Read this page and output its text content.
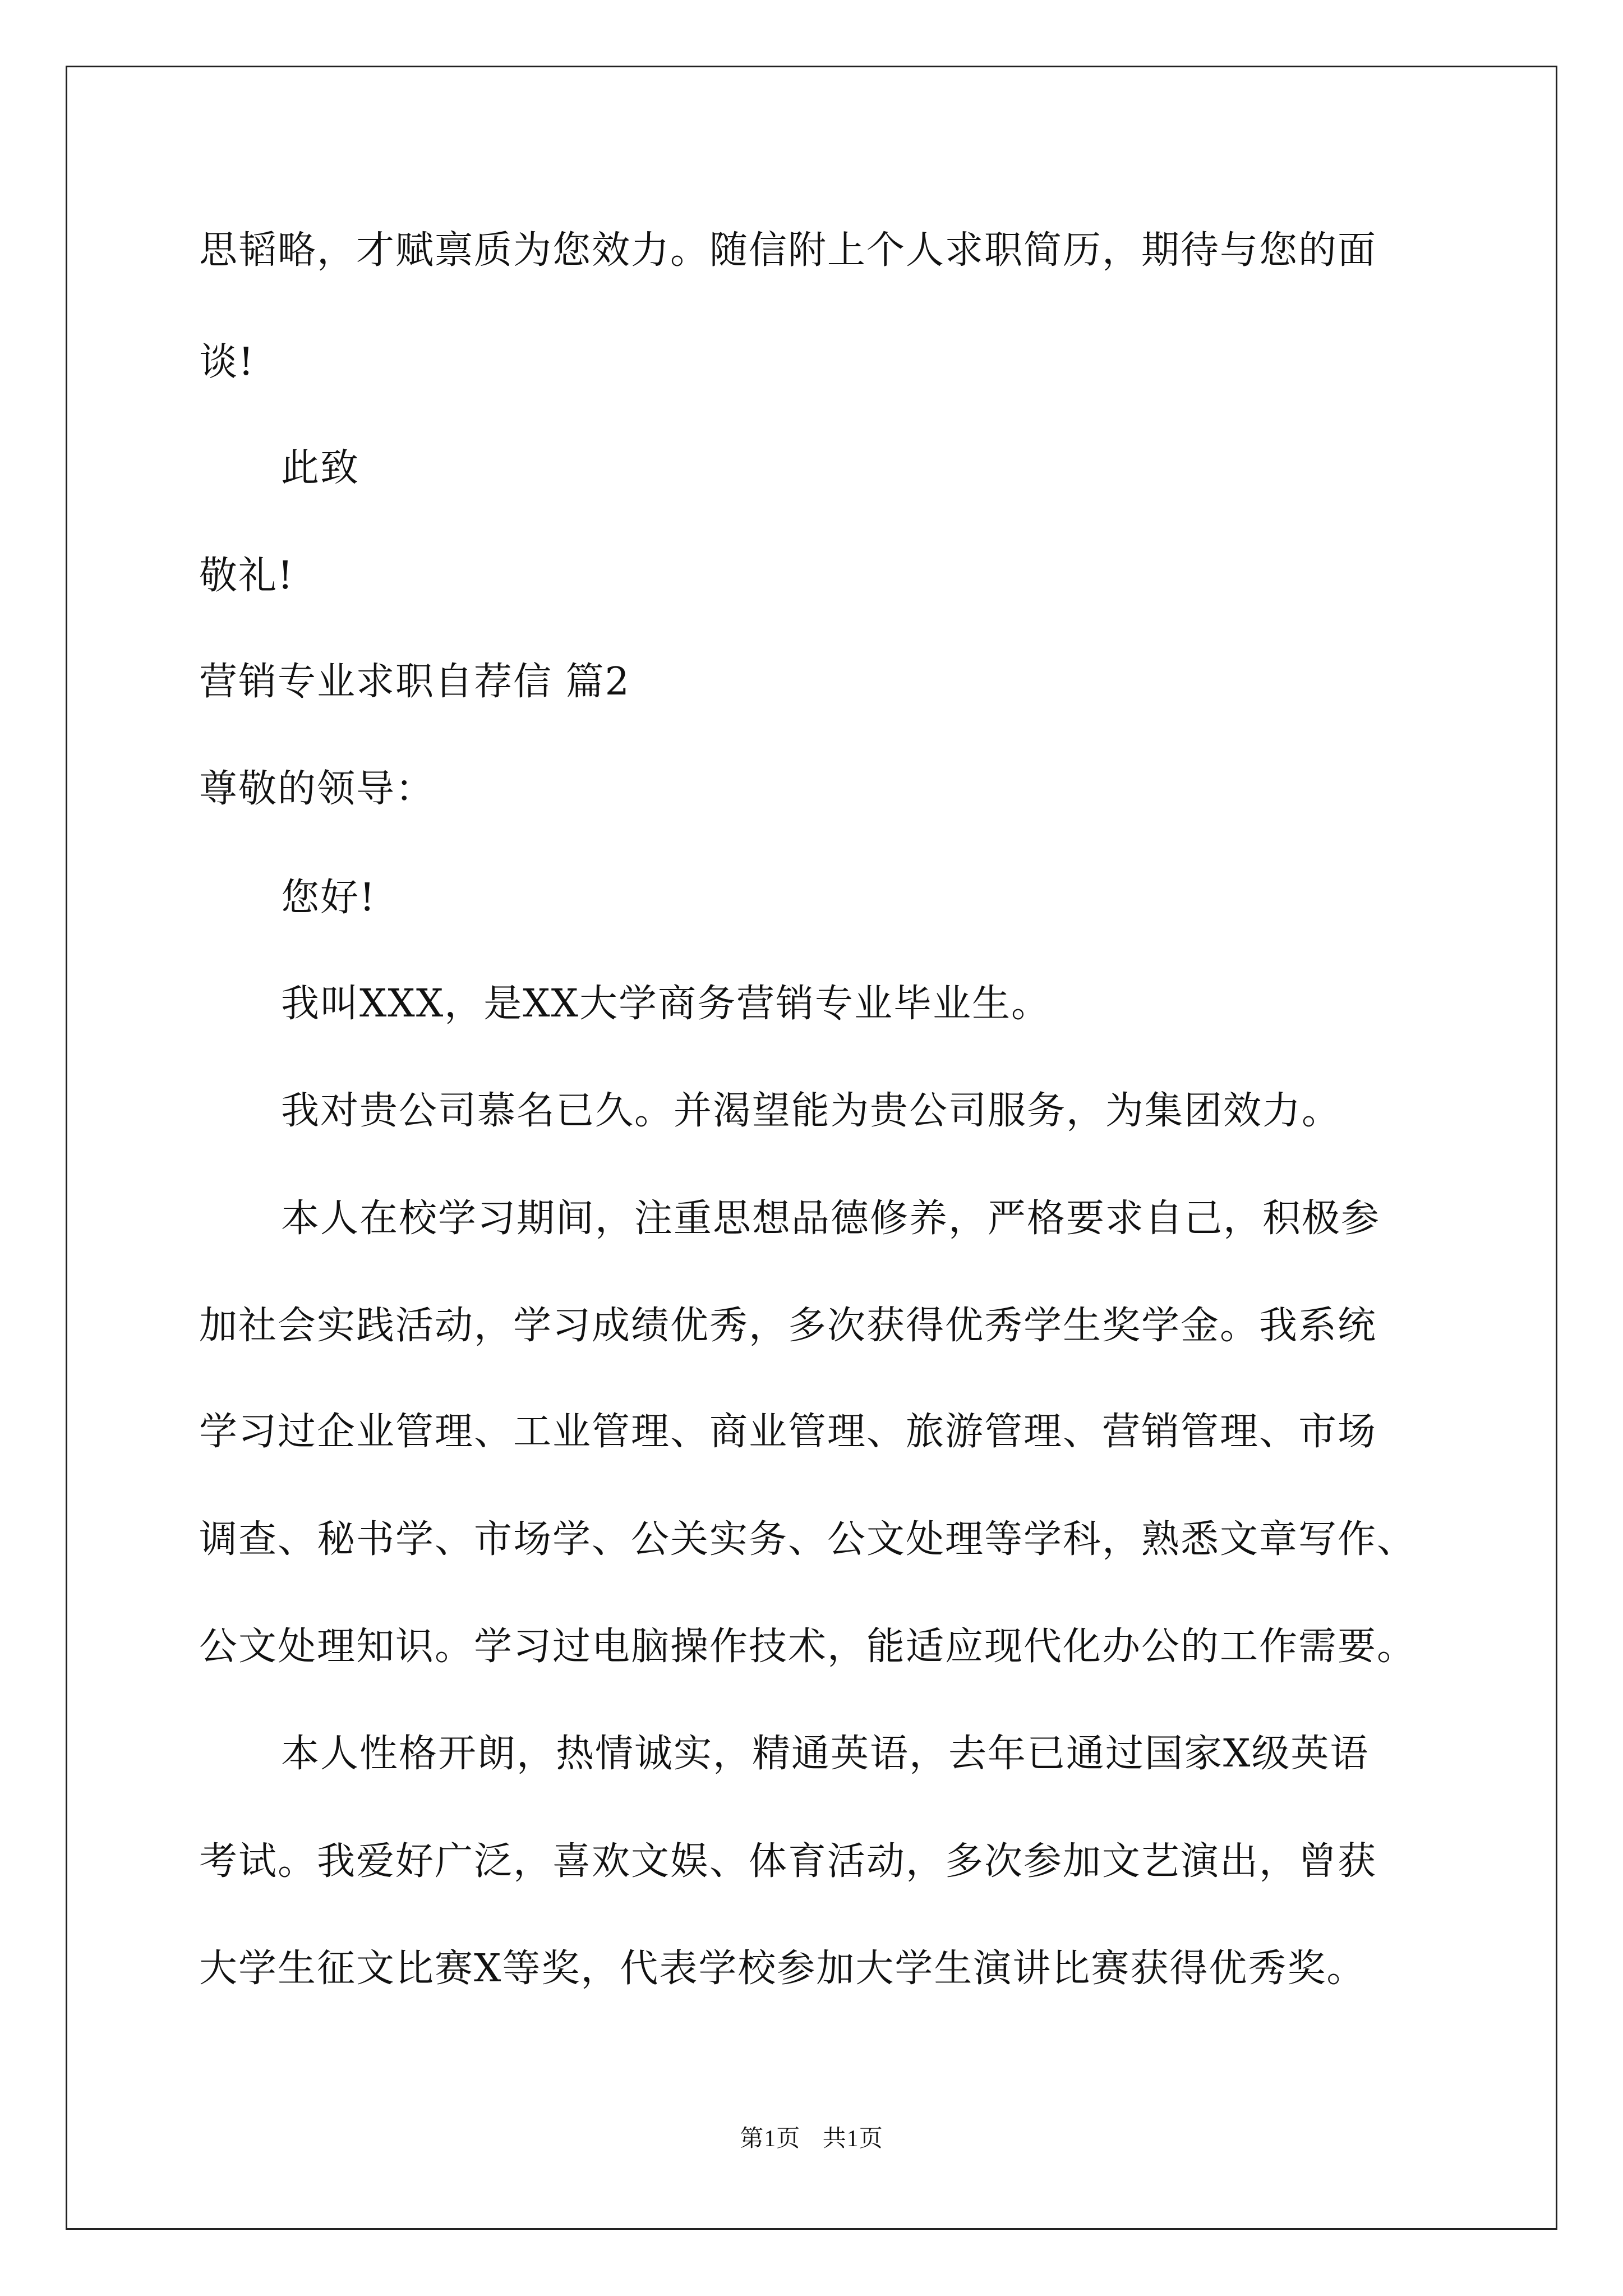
思韬略，才赋禀质为您效力。随信附上个人求职简历，期待与您的面
谈!
此致
敬礼!
营销专业求职自荐信 篇2
尊敬的领导：
您好!
我叫XXX，是XX大学商务营销专业毕业生。
我对贵公司慕名已久。并渴望能为贵公司服务，为集团效力。
本人在校学习期间，注重思想品德修养，严格要求自己，积极参
加社会实践活动，学习成绩优秀，多次获得优秀学生奖学金。我系统
学习过企业管理、工业管理、商业管理、旅游管理、营销管理、市场
调查、秘书学、市场学、公关实务、公文处理等学科，熟悉文章写作、
公文处理知识。学习过电脑操作技术，能适应现代化办公的工作需要。
本人性格开朗，热情诚实，精通英语，去年已通过国家X级英语
考试。我爱好广泛，喜欢文娱、体育活动，多次参加文艺演出，曾获
大学生征文比赛X等奖，代表学校参加大学生演讲比赛获得优秀奖。
第1页 共1页
